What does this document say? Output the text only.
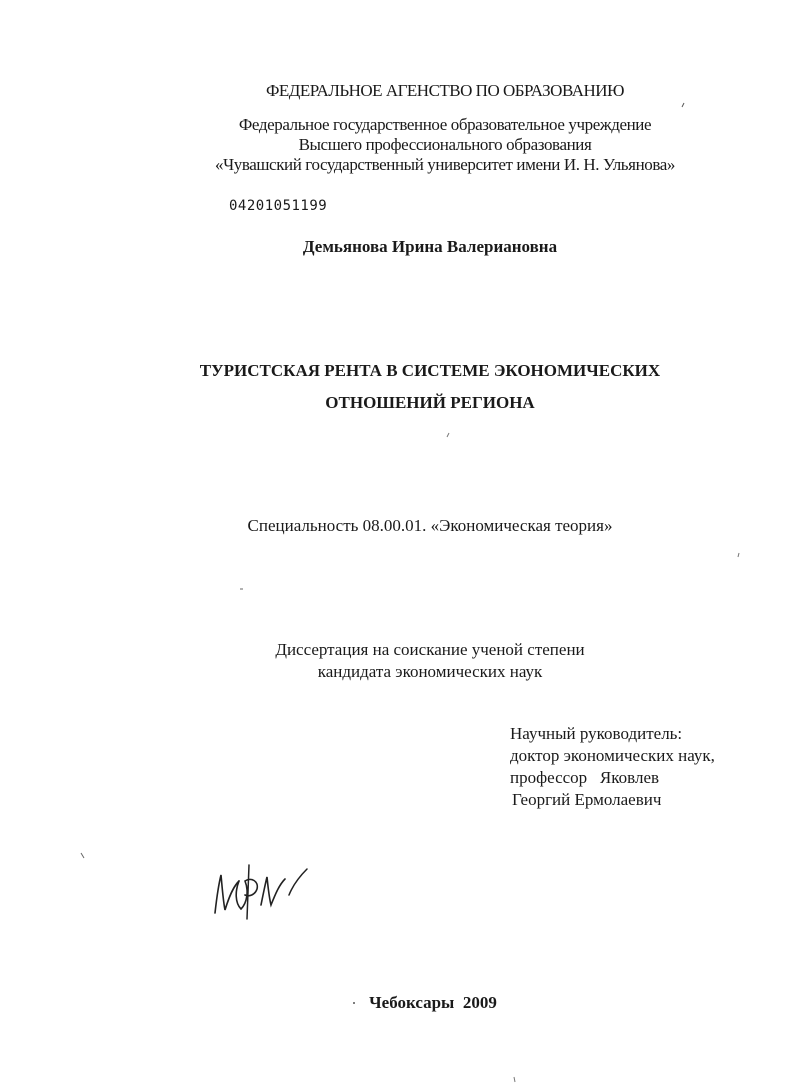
ФЕДЕРАЛЬНОЕ АГЕНСТВО ПО ОБРАЗОВАНИЮ
Федеральное государственное образовательное учреждение
Высшего профессионального образования
«Чувашский государственный университет имени И. Н. Ульянова»
04201051199
Демьянова Ирина Валериановна
ТУРИСТСКАЯ РЕНТА В СИСТЕМЕ ЭКОНОМИЧЕСКИХ
ОТНОШЕНИЙ РЕГИОНА
Специальность 08.00.01. «Экономическая теория»
Диссертация на соискание ученой степени
кандидата экономических наук
Научный руководитель:
доктор экономических наук,
профессор   Яковлев
Георгий Ермолаевич
Чебоксары  2009
